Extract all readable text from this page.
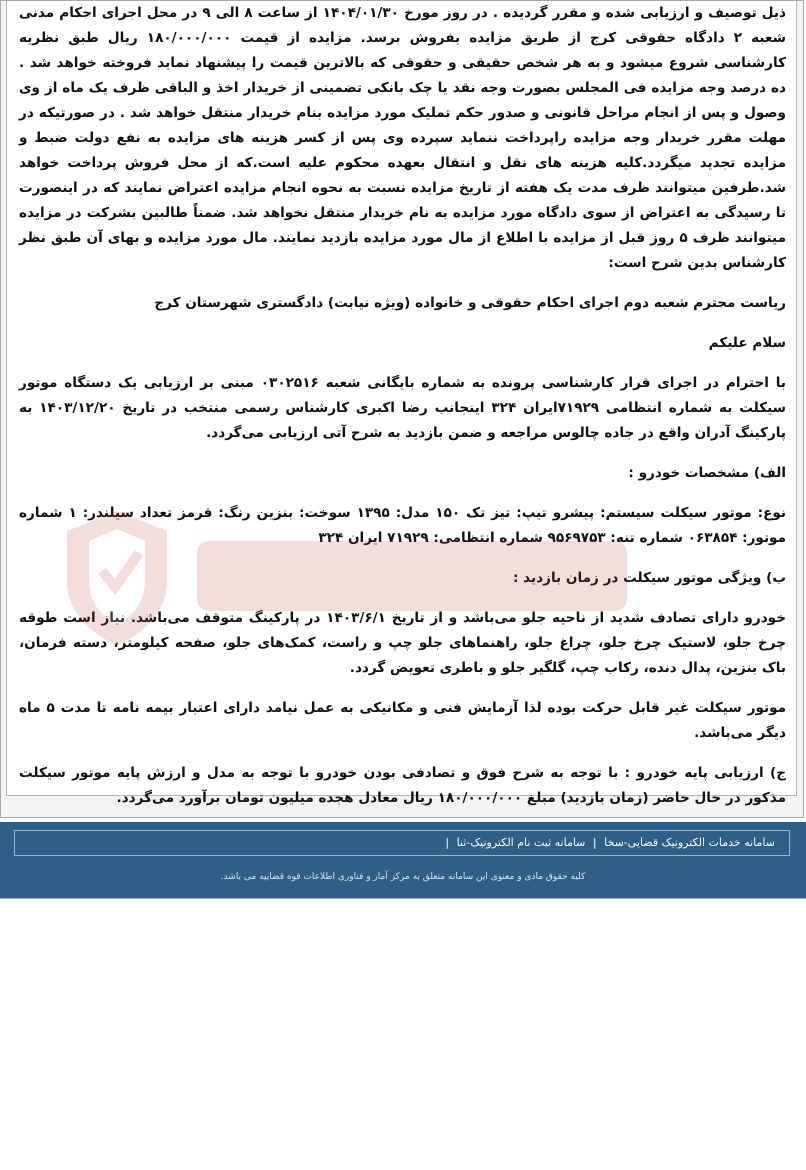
ذیل توصیف و ارزیابی شده و مقرر گردیده . در روز مورخ ۱۴۰۴/۰۱/۳۰ از ساعت ۸ الی ۹ در محل اجرای احکام مدنی شعبه ۲ دادگاه حقوقی کرج از طریق مزایده بفروش برسد. مزایده از قیمت ۱۸۰/۰۰۰/۰۰۰ ریال طبق نظریه کارشناسی شروع میشود و به هر شخص حقیقی و حقوقی که بالاترین قیمت را پیشنهاد نماید فروخته خواهد شد . ده درصد وجه مزایده فی المجلس بصورت وجه نقد یا چک بانکی تضمینی از خریدار اخذ و الباقی ظرف یک ماه از وی وصول و پس از انجام مراحل قانونی و صدور حکم تملیک مورد مزایده بنام خریدار منتقل خواهد شد . در صورتیکه در مهلت مقرر خریدار وجه مزایده راپرداخت ننماید سپرده وی پس از کسر هزینه های مزایده به نفع دولت ضبط و مزایده تجدید میگردد.کلیه هزینه های نقل و انتقال بعهده محکوم علیه است.که از محل فروش پرداخت خواهد شد.طرفین میتوانند ظرف مدت یک هفته از تاریخ مزایده نسبت به نحوه انجام مزایده اعتراض نمایند که در اینصورت تا رسیدگی به اعتراض از سوی دادگاه مورد مزایده به نام خریدار منتقل نخواهد شد. ضمناً طالبین بشرکت در مزایده میتوانند ظرف ۵ روز قبل از مزایده با اطلاع از مال مورد مزایده بازدید نمایند. مال مورد مزایده و بهای آن طبق نظر کارشناس بدین شرح است:

ریاست محترم شعبه دوم اجرای احکام حقوقی و خانواده (ویژه نیابت) دادگستری شهرستان کرج

سلام علیکم

با احترام در اجرای قرار کارشناسی پرونده به شماره بایگانی شعبه ۰۳۰۲۵۱۶ مبنی بر ارزیابی یک دستگاه موتور سیکلت به شماره انتظامی ۷۱۹۲۹ایران ۳۲۴ اینجانب رضا اکبری کارشناس رسمی منتخب در تاریخ ۱۴۰۳/۱۲/۲۰ به پارکینگ آدران واقع در جاده چالوس مراجعه و ضمن بازدید به شرح آتی ارزیابی می‌گردد.

الف) مشخصات خودرو :

نوع: موتور سیکلت سیستم: پیشرو تیپ: تیز تک ۱۵۰ مدل: ۱۳۹۵ سوخت: بنزین رنگ: قرمز تعداد سیلندر: ۱ شماره موتور: ۰۶۳۸۵۴ شماره تنه: ۹۵۶۹۷۵۳ شماره انتظامی: ۷۱۹۲۹ ایران ۳۲۴

ب) ویژگی موتور سیکلت در زمان بازدید :

خودرو دارای تصادف شدید از ناحیه جلو می‌باشد و از تاریخ ۱۴۰۳/۶/۱ در پارکینگ متوقف می‌باشد. نیاز است طوقه چرخ جلو، لاستیک چرخ جلو، چراغ جلو، راهنماهای جلو چپ و راست، کمک‌های جلو، صفحه کیلومتر، دسته فرمان، باک بنزین، پدال دنده، رکاب چپ، گلگیر جلو و باطری تعویض گردد.

موتور سیکلت غیر قابل حرکت بوده لذا آزمایش فنی و مکانیکی به عمل نیامد دارای اعتبار بیمه نامه تا مدت ۵ ماه دیگر می‌باشد.

ج) ارزیابی پایه خودرو : با توجه به شرح فوق و تصادفی بودن خودرو با توجه به مدل و ارزش پایه موتور سیکلت مذکور در حال حاضر (زمان بازدید) مبلغ ۱۸۰/۰۰۰/۰۰۰ ریال معادل هجده میلیون تومان برآورد می‌گردد.

سامانه خدمات الکترونیک قضایی-سخا | سامانه ثبت نام الکترونیک-ثنا |
کلیه حقوق مادی و معنوی این سامانه متعلق به مرکز آمار و فناوری اطلاعات قوه قضاییه می باشد.
